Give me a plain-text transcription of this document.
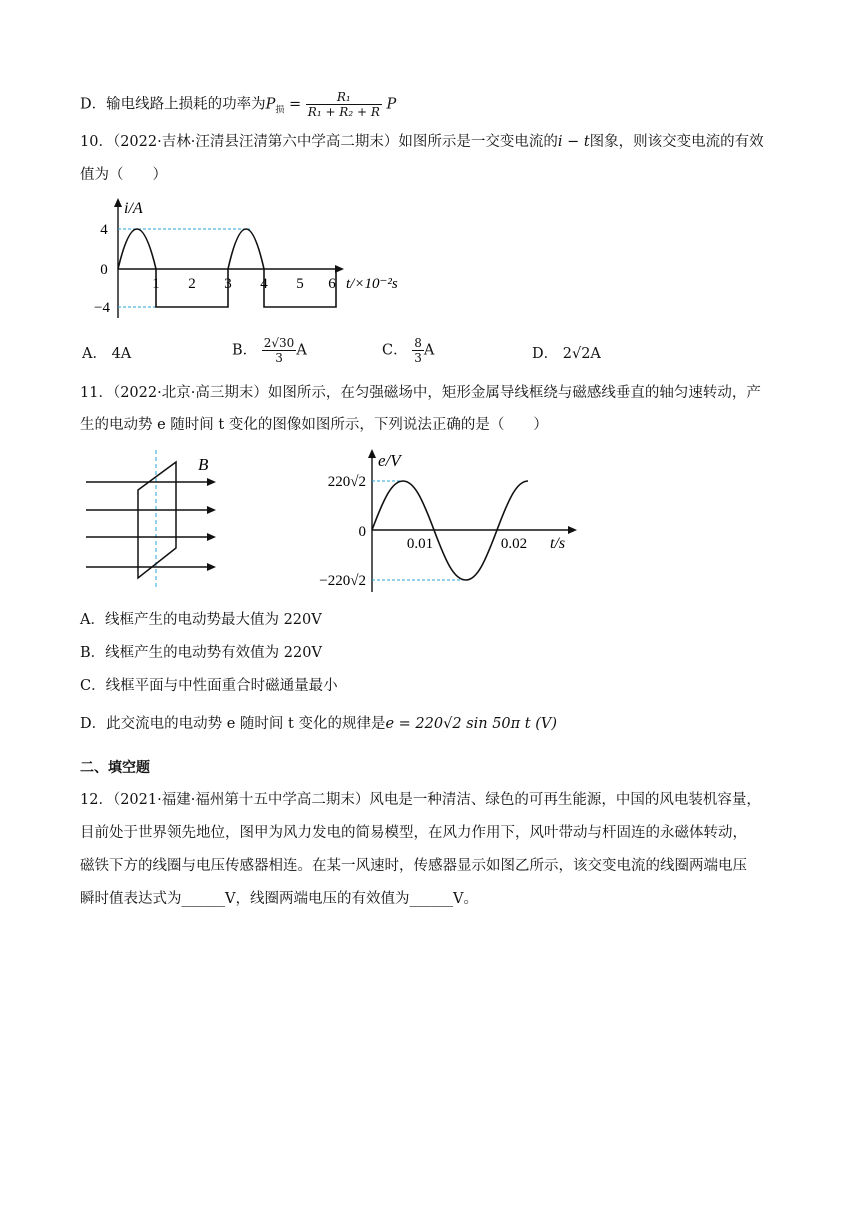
D．输电线路上损耗的功率为$P_损 = \frac{\text{R₁}}{\text{R₁ + R₂ + R}}$ P
10．（2022·吉林·汪清县汪清第六中学高二期末）如图所示是一交变电流的i − t图象，则该交变电流的有效
值为（　　）
i/A
4
0
−4
1 2 3 4 5 6 t/×10⁻²s
A． 4A	B． $\frac{2√30}{3}$ A	C． $\frac{8}{3}$ A	D． 2√2A
11．（2022·北京·高三期末）如图所示，在匀强磁场中，矩形金属导线框绕与磁感线垂直的轴匀速转动，产
生的电动势 e 随时间 t 变化的图像如图所示，下列说法正确的是（　　）
B	e/V
220√2
0
−220√2
0.01	0.02 t/s
A．线框产生的电动势最大值为 220V
B．线框产生的电动势有效值为 220V
C．线框平面与中性面重合时磁通量最小
D．此交流电的电动势 e 随时间 t 变化的规律是e = 220√2 sin 50π t (V)
二、填空题
12．（2021·福建·福州第十五中学高二期末）风电是一种清洁、绿色的可再生能源，中国的风电装机容量，
目前处于世界领先地位，图甲为风力发电的简易模型，在风力作用下，风叶带动与杆固连的永磁体转动，
磁铁下方的线圈与电压传感器相连。在某一风速时，传感器显示如图乙所示，该交变电流的线圈两端电压
瞬时值表达式为______V，线圈两端电压的有效值为______V。
